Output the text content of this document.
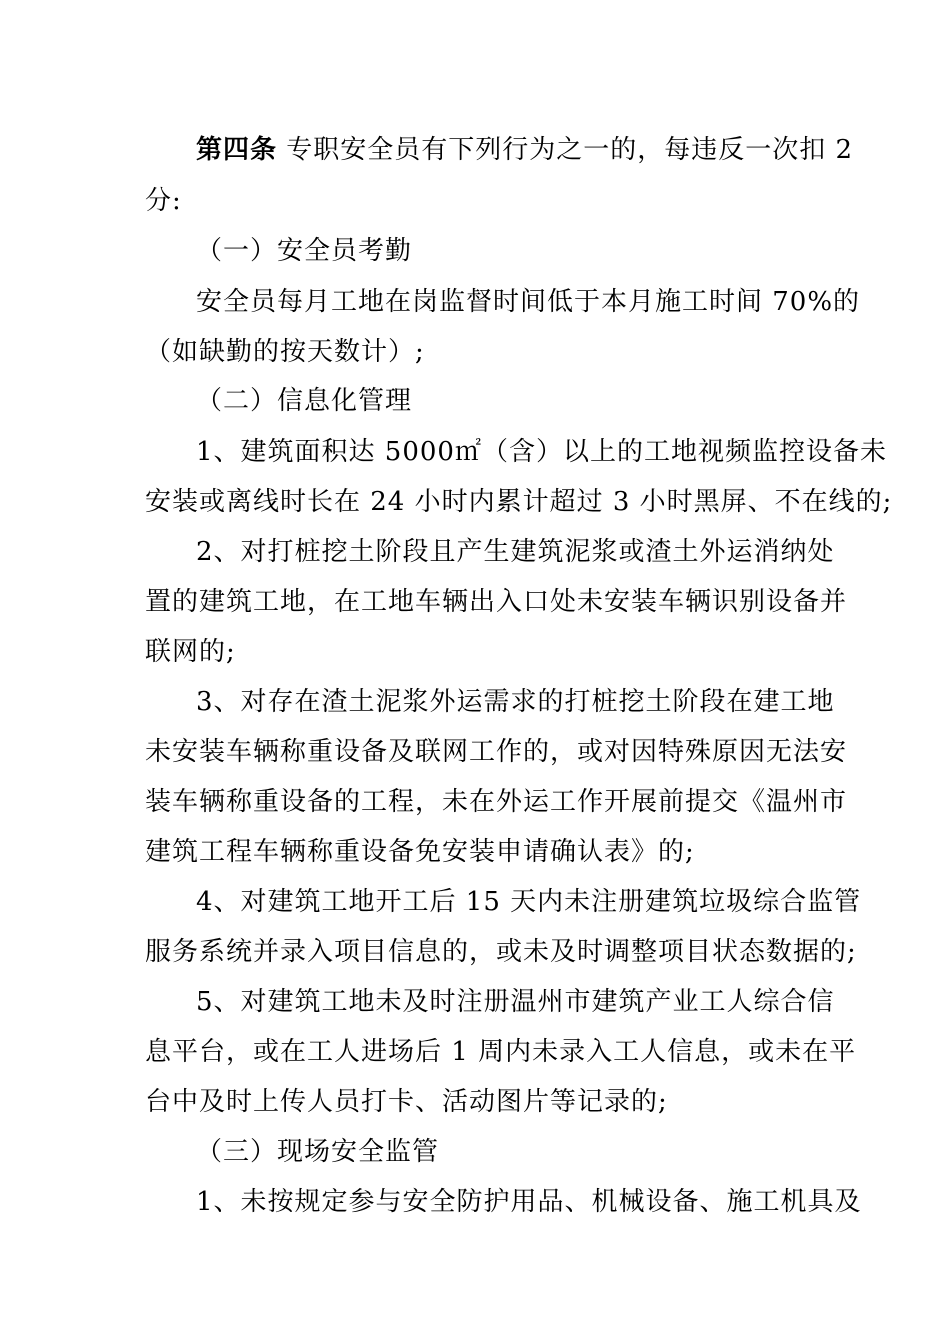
第四条 专职安全员有下列行为之一的，每违反一次扣 2
分:
（一）安全员考勤
安全员每月工地在岗监督时间低于本月施工时间 70%的
（如缺勤的按天数计）;
（二）信息化管理
1、建筑面积达 5000㎡（含）以上的工地视频监控设备未
安装或离线时长在 24 小时内累计超过 3 小时黑屏、不在线的;
2、对打桩挖土阶段且产生建筑泥浆或渣土外运消纳处
置的建筑工地，在工地车辆出入口处未安装车辆识别设备并
联网的;
3、对存在渣土泥浆外运需求的打桩挖土阶段在建工地
未安装车辆称重设备及联网工作的，或对因特殊原因无法安
装车辆称重设备的工程，未在外运工作开展前提交《温州市
建筑工程车辆称重设备免安装申请确认表》的;
4、对建筑工地开工后 15 天内未注册建筑垃圾综合监管
服务系统并录入项目信息的，或未及时调整项目状态数据的;
5、对建筑工地未及时注册温州市建筑产业工人综合信
息平台，或在工人进场后 1 周内未录入工人信息，或未在平
台中及时上传人员打卡、活动图片等记录的;
（三）现场安全监管
1、未按规定参与安全防护用品、机械设备、施工机具及
